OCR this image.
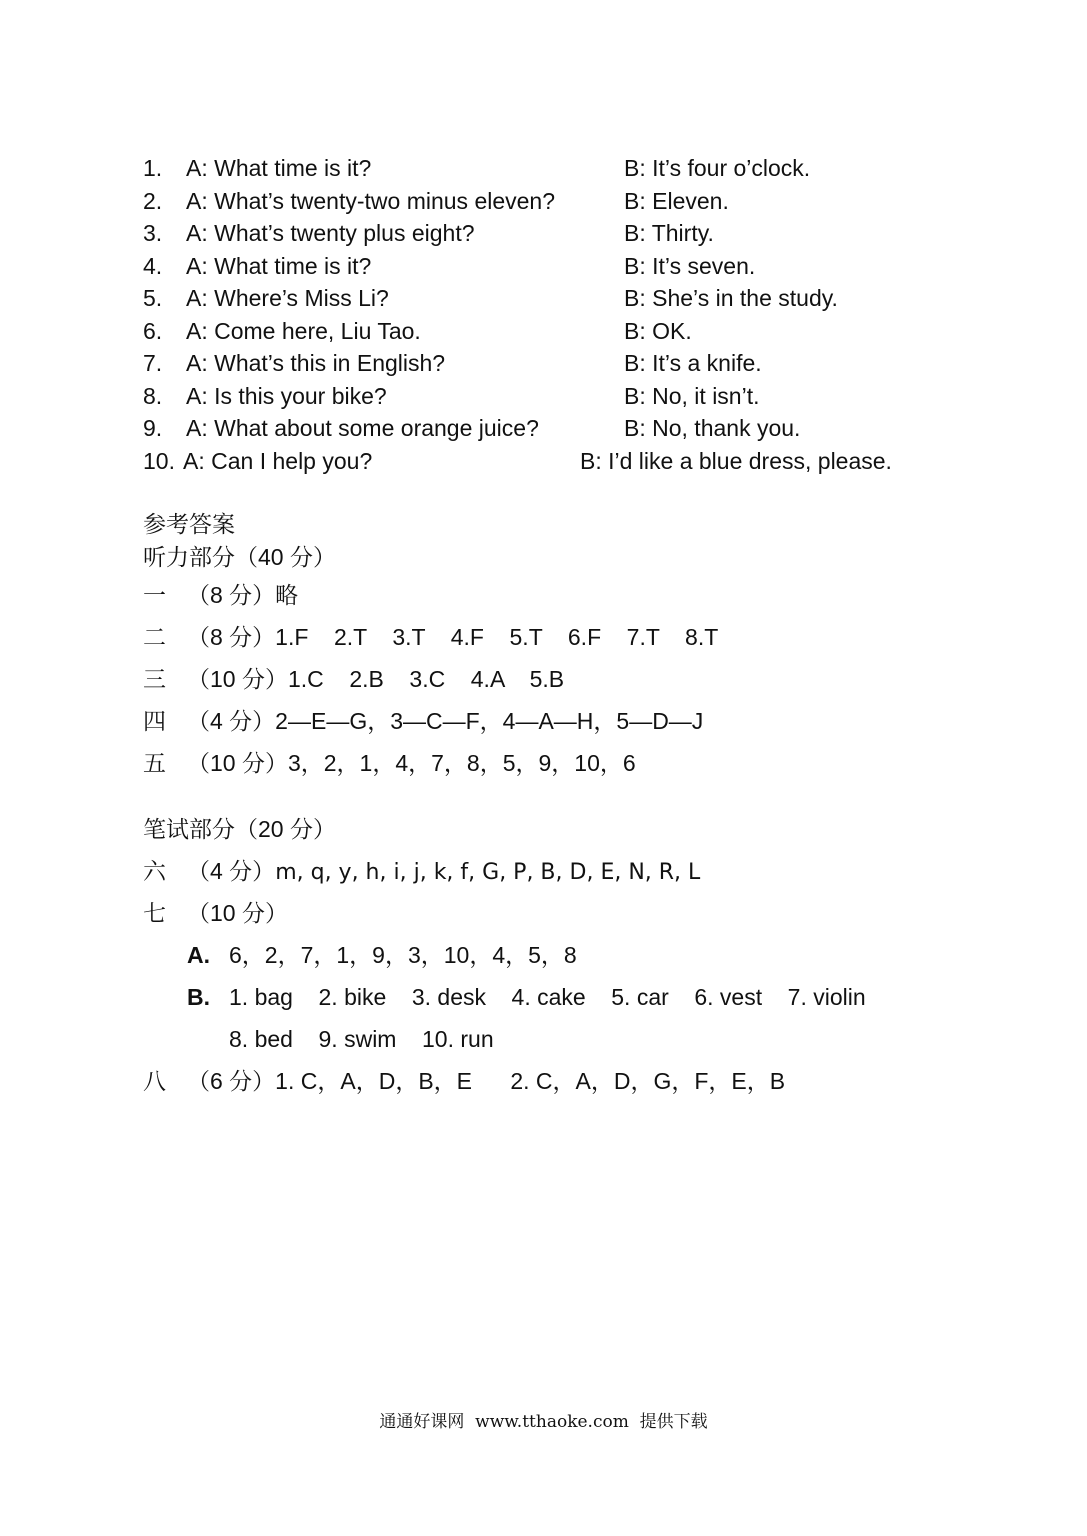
1. A: What time is it?	B: It’s four o’clock.
2. A: What’s twenty-two minus eleven?	B: Eleven.
3. A: What’s twenty plus eight?	B: Thirty.
4. A: What time is it?	B: It’s seven.
5. A: Where’s Miss Li?	B: She’s in the study.
6. A: Come here, Liu Tao.	B: OK.
7. A: What’s this in English?	B: It’s a knife.
8. A: Is this your bike?	B: No, it isn’t.
9. A: What about some orange juice?	B: No, thank you.
10. A: Can I help you?	B: I’d like a blue dress, please.
参考答案
听力部分（40 分）
一 （8 分）略
二 （8 分）1.F    2.T    3.T    4.F    5.T    6.F    7.T    8.T
三 （10 分）1.C    2.B    3.C    4.A    5.B
四 （4 分）2—E—G，3—C—F，4—A—H，5—D—J
五 （10 分）3，2，1，4，7，8，5，9，10，6
笔试部分（20 分）
六 （4 分）m, q, y, h, i, j, k, f, G, P, B, D, E, N, R, L
七 （10 分）
A. 6，2，7，1，9，3，10，4，5，8
B. 1. bag    2. bike    3. desk    4. cake    5. car    6. vest    7. violin
8. bed    9. swim    10. run
八 （6 分）1. C，A，D，B，E      2. C，A，D，G，F，E，B
通通好课网  www.tthaoke.com  提供下载
